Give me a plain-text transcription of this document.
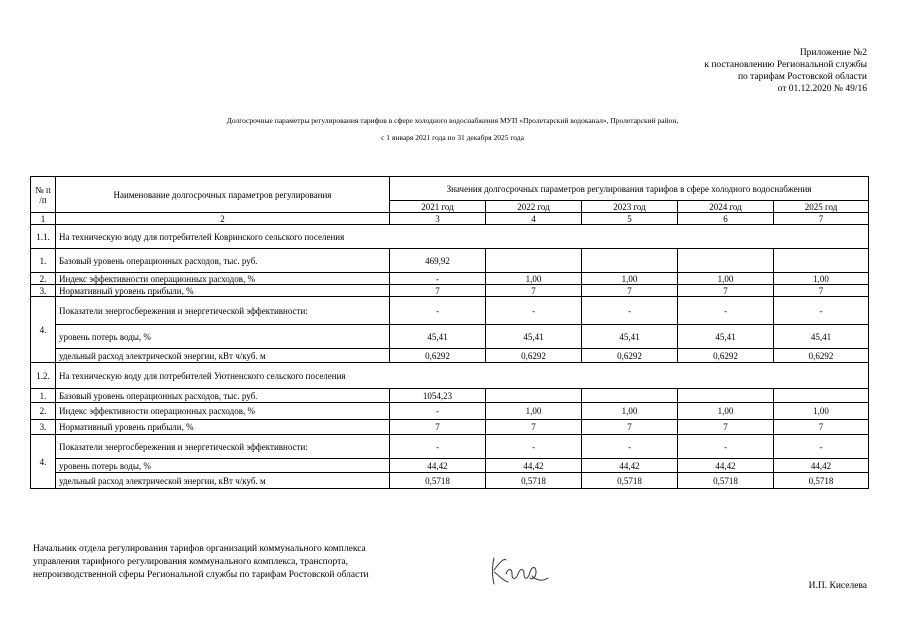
Приложение №2
к постановлению Региональной службы
по тарифам Ростовской области
от 01.12.2020 № 49/16
Долгосрочные параметры регулирования тарифов в сфере холодного водоснабжения МУП «Пролетарский водоканал», Пролетарский район,
с 1 января 2021 года по 31 декабря 2025 года
№ п /п	Наименование долгосрочных параметров регулирования	Значения долгосрочных параметров регулирования тарифов в сфере холодного водоснабжения				
		2021 год	2022 год	2023 год	2024 год	2025 год
1	2	3	4	5	6	7
1.1.	На техническую воду для потребителей Ковринского сельского поселения					
1.	Базовый уровень операционных расходов, тыс. руб.	469,92				
2.	Индекс эффективности операционных расходов, %	-	1,00	1,00	1,00	1,00
3.	Нормативный уровень прибыли, %	7	7	7	7	7
4.	Показатели энергосбережения и энергетической эффективности:	-	-	-	-	-
	уровень потерь воды, %	45,41	45,41	45,41	45,41	45,41
	удельный расход электрической энергии, кВт ч/куб. м	0,6292	0,6292	0,6292	0,6292	0,6292
1.2.	На техническую воду для потребителей Уютненского сельского поселения					
1.	Базовый уровень операционных расходов, тыс. руб.	1054,23				
2.	Индекс эффективности операционных расходов, %	-	1,00	1,00	1,00	1,00
3.	Нормативный уровень прибыли, %	7	7	7	7	7
4.	Показатели энергосбережения и энергетической эффективности:	-	-	-	-	-
	уровень потерь воды, %	44,42	44,42	44,42	44,42	44,42
	удельный расход электрической энергии, кВт ч/куб. м	0,5718	0,5718	0,5718	0,5718	0,5718
Начальник отдела регулирования тарифов организаций коммунального комплекса
управления тарифного регулирования коммунального комплекса, транспорта,
непроизводственной сферы Региональной службы по тарифам Ростовской области
И.П. Киселева
